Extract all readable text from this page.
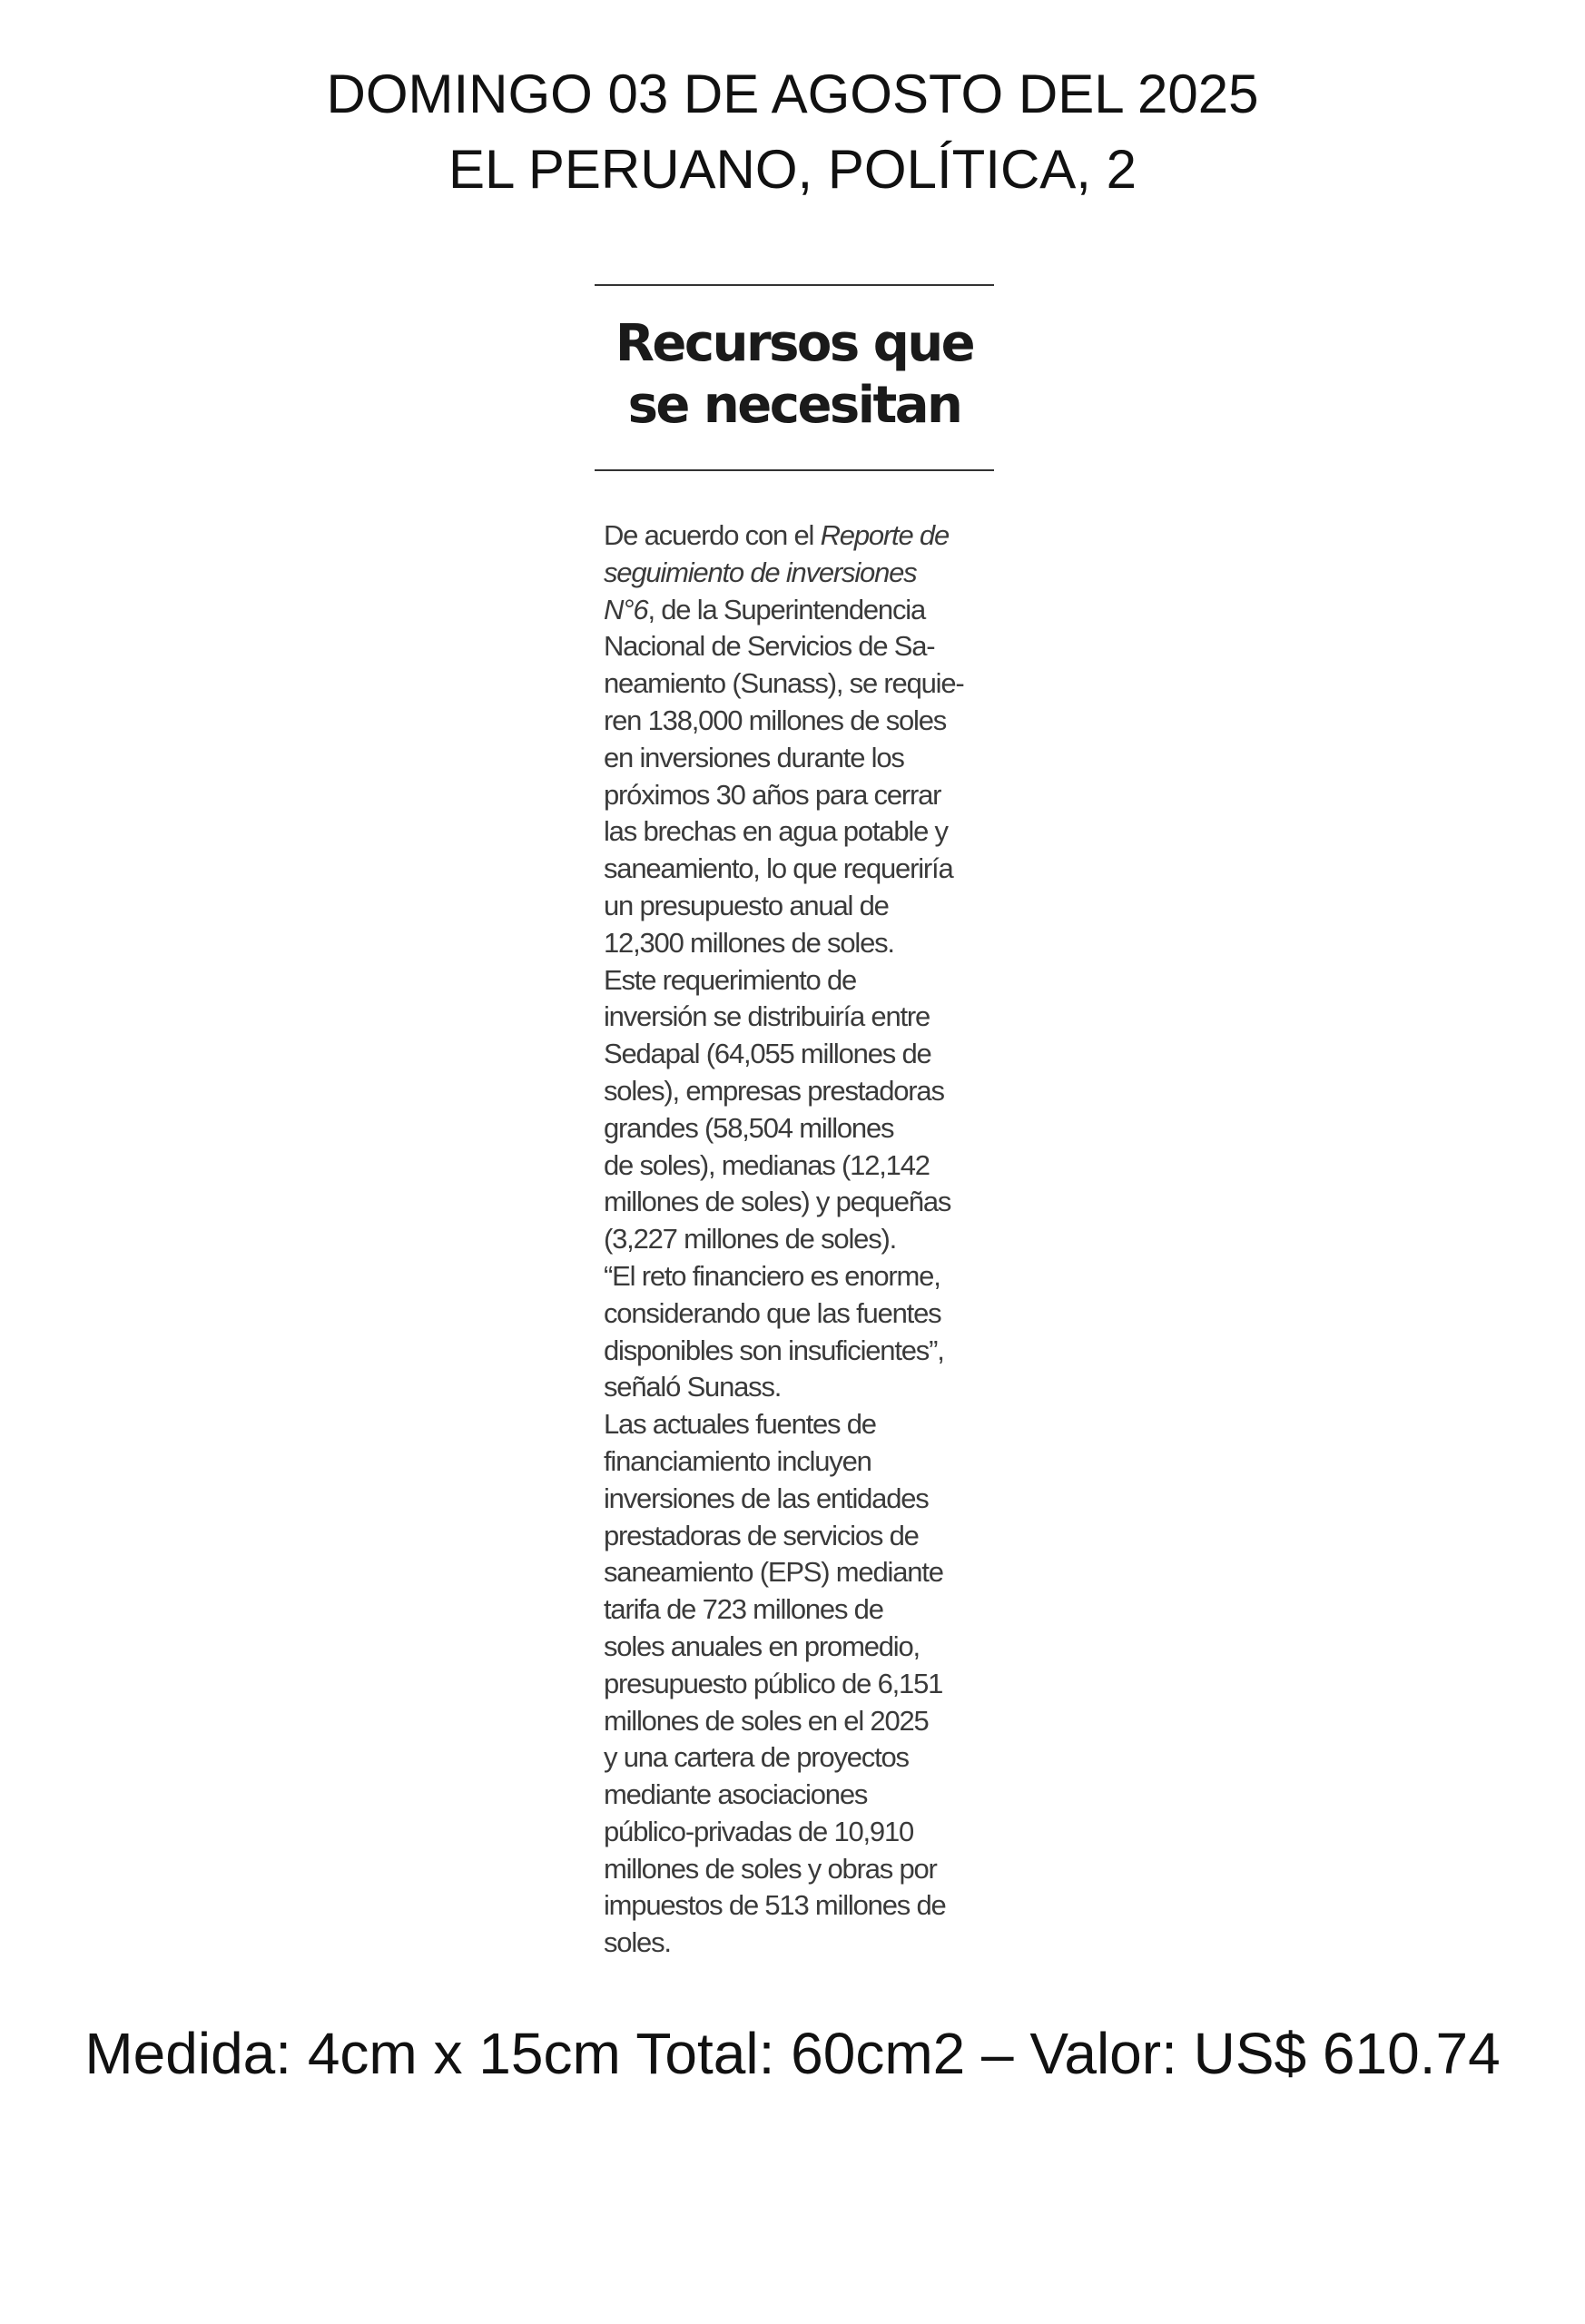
DOMINGO 03 DE AGOSTO DEL 2025
EL PERUANO, POLÍTICA, 2
Recursos que
se necesitan
De acuerdo con el Reporte de
seguimiento de inversiones
N°6, de la Superintendencia
Nacional de Servicios de Sa-
neamiento (Sunass), se requie-
ren 138,000 millones de soles
en inversiones durante los
próximos 30 años para cerrar
las brechas en agua potable y
saneamiento, lo que requeriría
un presupuesto anual de
12,300 millones de soles.
Este requerimiento de
inversión se distribuiría entre
Sedapal (64,055 millones de
soles), empresas prestadoras
grandes (58,504 millones
de soles), medianas (12,142
millones de soles) y pequeñas
(3,227 millones de soles).
“El reto financiero es enorme,
considerando que las fuentes
disponibles son insuficientes”,
señaló Sunass.
Las actuales fuentes de
financiamiento incluyen
inversiones de las entidades
prestadoras de servicios de
saneamiento (EPS) mediante
tarifa de 723 millones de
soles anuales en promedio,
presupuesto público de 6,151
millones de soles en el 2025
y una cartera de proyectos
mediante asociaciones
público-privadas de 10,910
millones de soles y obras por
impuestos de 513 millones de
soles.
Medida: 4cm x 15cm Total: 60cm2 – Valor: US$ 610.74
